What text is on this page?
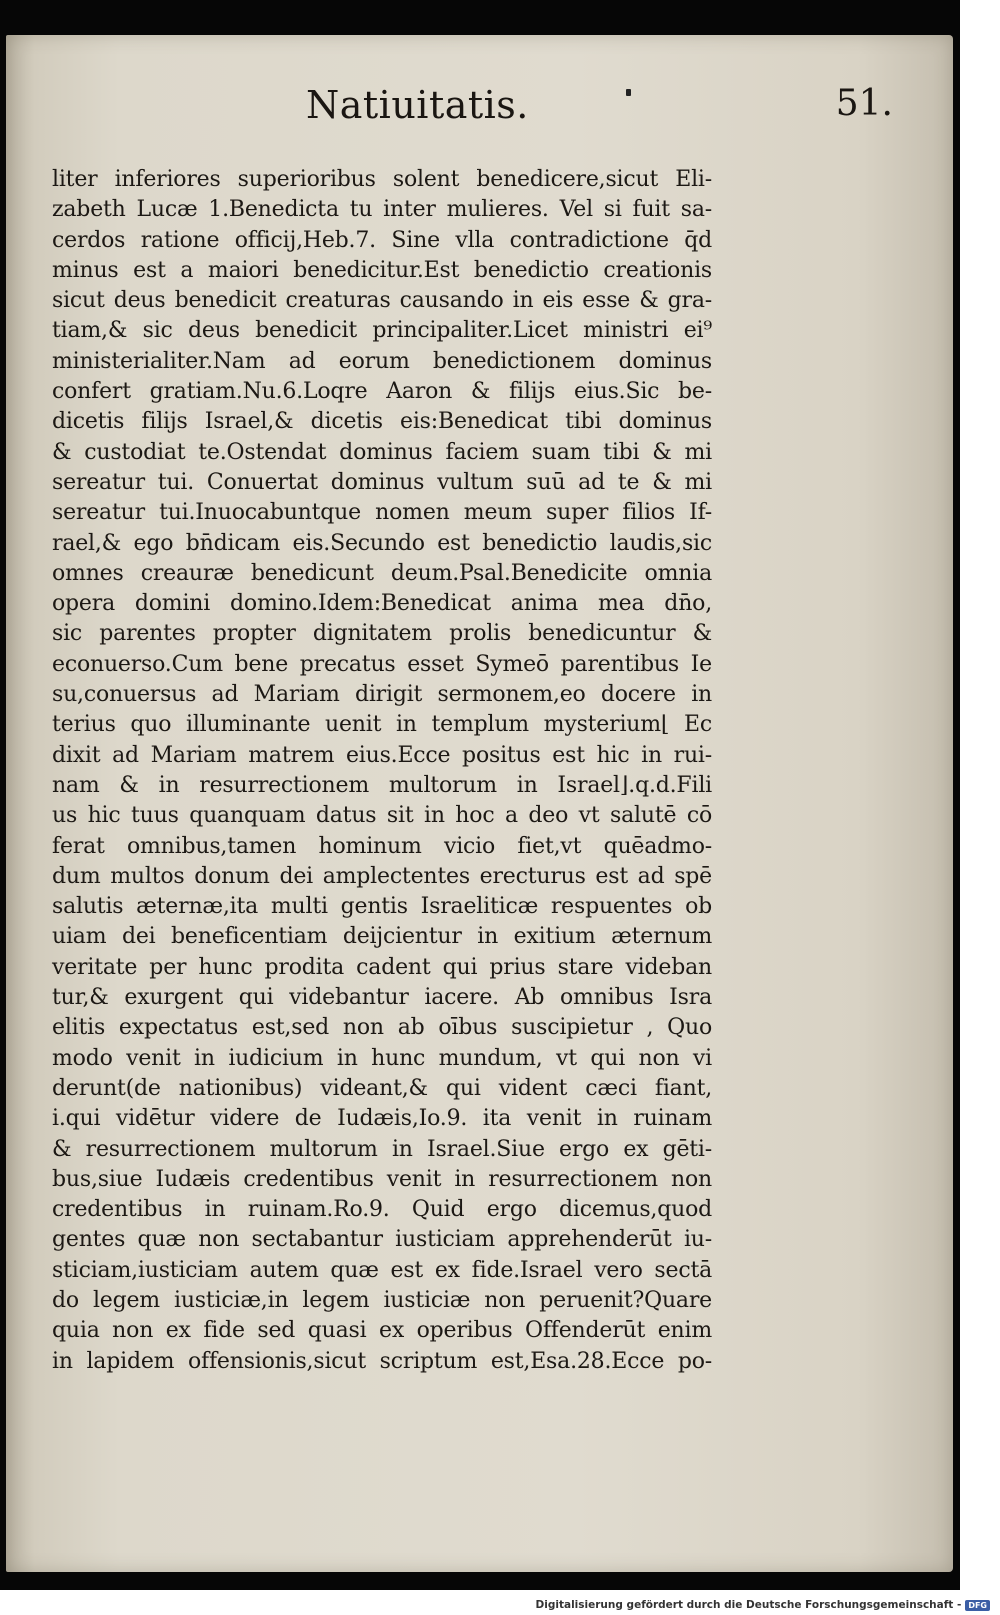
Natiuitatis.	51.
liter inferiores superioribus solent benedicere,sicut Eli-
zabeth Lucæ 1.Benedicta tu inter mulieres. Vel si fuit sa-
cerdos ratione officij,Heb.7. Sine vlla contradictione q̄d
minus est a maiori benedicitur.Est benedictio creationis
sicut deus benedicit creaturas causando in eis esse & gra-
tiam,& sic deus benedicit principaliter.Licet ministri ei⁹
ministerialiter.Nam ad eorum benedictionem dominus
confert gratiam.Nu.6.Loqre Aaron & filijs eius.Sic be-
dicetis filijs Israel,& dicetis eis:Benedicat tibi dominus
& custodiat te.Ostendat dominus faciem suam tibi & mi
sereatur tui. Conuertat dominus vultum suū ad te & mi
sereatur tui.Inuocabuntque nomen meum super filios If-
rael,& ego bn̄dicam eis.Secundo est benedictio laudis,sic
omnes creauræ benedicunt deum.Psal.Benedicite omnia
opera domini domino.Idem:Benedicat anima mea dn̄o,
sic parentes propter dignitatem prolis benedicuntur &
econuerso.Cum bene precatus esset Symeō parentibus Ie
su,conuersus ad Mariam dirigit sermonem,eo docere in
terius quo illuminante uenit in templum mysterium⌊ Ec
dixit ad Mariam matrem eius.Ecce positus est hic in rui-
nam & in resurrectionem multorum in Israel⌋.q.d.Fili
us hic tuus quanquam datus sit in hoc a deo vt salutē cō
ferat omnibus,tamen hominum vicio fiet,vt quēadmo-
dum multos donum dei amplectentes erecturus est ad spē
salutis æternæ,ita multi gentis Israeliticæ respuentes ob
uiam dei beneficentiam deijcientur in exitium æternum
veritate per hunc prodita cadent qui prius stare videban
tur,& exurgent qui videbantur iacere. Ab omnibus Isra
elitis expectatus est,sed non ab oībus suscipietur , Quo
modo venit in iudicium in hunc mundum, vt qui non vi
derunt(de nationibus) videant,& qui vident cæci fiant,
i.qui vidētur videre de Iudæis,Io.9. ita venit in ruinam
& resurrectionem multorum in Israel.Siue ergo ex gēti-
bus,siue Iudæis credentibus venit in resurrectionem non
credentibus in ruinam.Ro.9. Quid ergo dicemus,quod
gentes quæ non sectabantur iusticiam apprehenderūt iu-
sticiam,iusticiam autem quæ est ex fide.Israel vero sectā
do legem iusticiæ,in legem iusticiæ non peruenit?Quare
quia non ex fide sed quasi ex operibus Offenderūt enim
in lapidem offensionis,sicut scriptum est,Esa.28.Ecce po-
Digitalisierung gefördert durch die Deutsche Forschungsgemeinschaft - DFG
